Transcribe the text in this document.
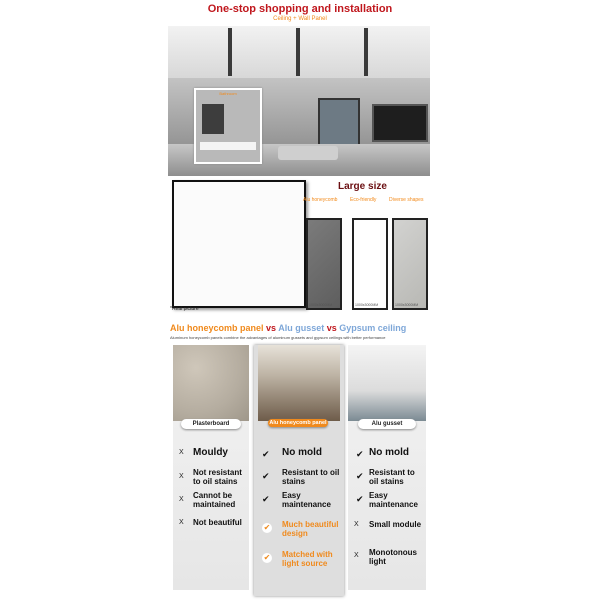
One-stop shopping and installation
Ceiling + Wall Panel
Bathroom
Large size
Alu honeycomb	Eco-friendly	Diverse shapes
1000x3000MM	1000x3000MM	1000x3000MM
*Real picture
Alu honeycomb panel vs Alu gusset vs Gypsum ceiling
Aluminum honeycomb panels combine the advantages of aluminum gussets and gypsum ceilings with better performance
Plasterboard
X Mouldy
X Not resistant to oil stains
X Cannot be maintained
X Not beautiful
Alu honeycomb panel
✔ No mold
✔	Resistant to oil stains
✔	Easy maintenance
✔ Much beautiful design
✔ Matched with light source
Alu gusset
✔ No mold
✔ Resistant to oil stains
✔ Easy maintenance
X Small module
X Monotonous light
